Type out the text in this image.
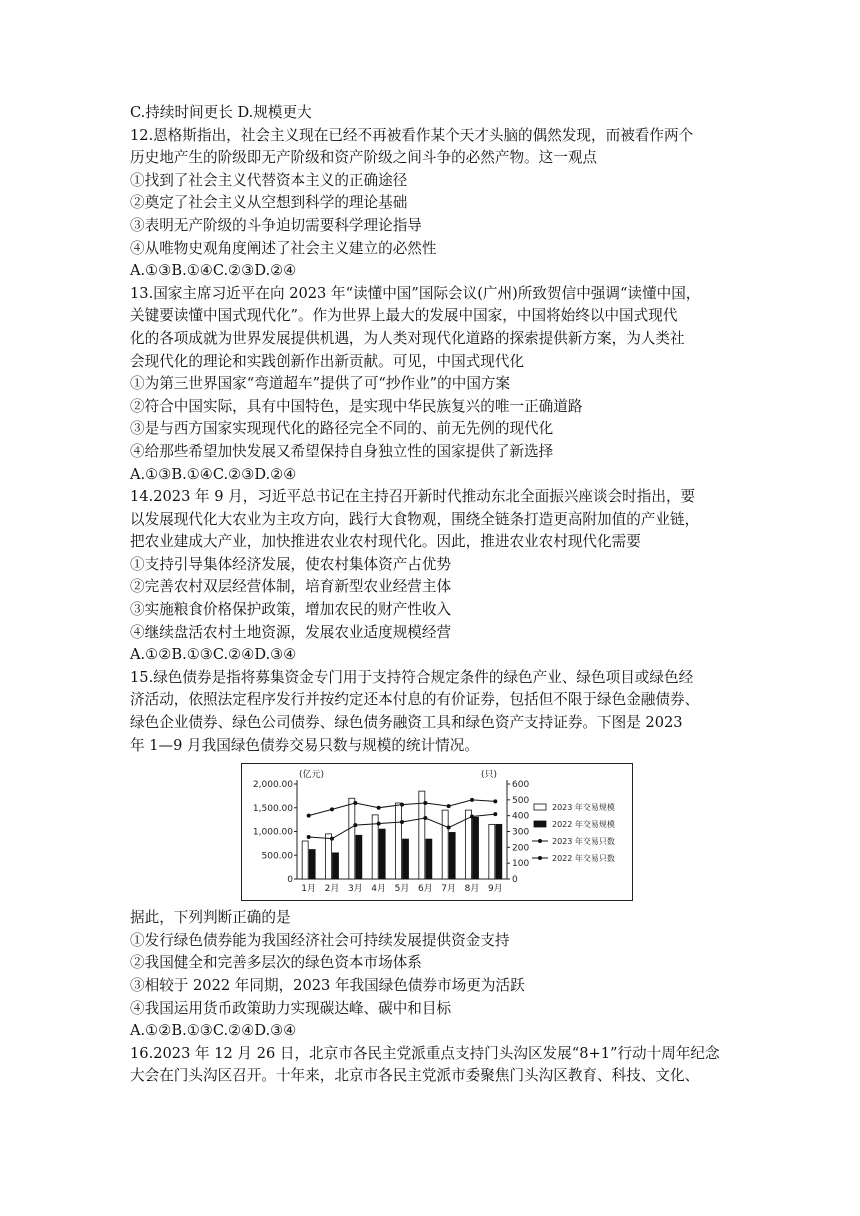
C.持续时间更长 D.规模更大
12.恩格斯指出，社会主义现在已经不再被看作某个天才头脑的偶然发现，而被看作两个
历史地产生的阶级即无产阶级和资产阶级之间斗争的必然产物。这一观点
①找到了社会主义代替资本主义的正确途径
②奠定了社会主义从空想到科学的理论基础
③表明无产阶级的斗争迫切需要科学理论指导
④从唯物史观角度阐述了社会主义建立的必然性
A.①③B.①④C.②③D.②④
13.国家主席习近平在向 2023 年“读懂中国”国际会议(广州)所致贺信中强调“读懂中国，
关键要读懂中国式现代化”。作为世界上最大的发展中国家，中国将始终以中国式现代
化的各项成就为世界发展提供机遇，为人类对现代化道路的探索提供新方案，为人类社
会现代化的理论和实践创新作出新贡献。可见，中国式现代化
①为第三世界国家“弯道超车”提供了可“抄作业”的中国方案
②符合中国实际，具有中国特色，是实现中华民族复兴的唯一正确道路
③是与西方国家实现现代化的路径完全不同的、前无先例的现代化
④给那些希望加快发展又希望保持自身独立性的国家提供了新选择
A.①③B.①④C.②③D.②④
14.2023 年 9 月，习近平总书记在主持召开新时代推动东北全面振兴座谈会时指出，要
以发展现代化大农业为主攻方向，践行大食物观，围绕全链条打造更高附加值的产业链，
把农业建成大产业，加快推进农业农村现代化。因此，推进农业农村现代化需要
①支持引导集体经济发展，使农村集体资产占优势
②完善农村双层经营体制，培育新型农业经营主体
③实施粮食价格保护政策，增加农民的财产性收入
④继续盘活农村土地资源，发展农业适度规模经营
A.①②B.①③C.②④D.③④
15.绿色债券是指将募集资金专门用于支持符合规定条件的绿色产业、绿色项目或绿色经
济活动，依照法定程序发行并按约定还本付息的有价证券，包括但不限于绿色金融债券、
绿色企业债券、绿色公司债券、绿色债务融资工具和绿色资产支持证券。下图是 2023
年 1—9 月我国绿色债券交易只数与规模的统计情况。
2,000.00
1,500.00
1,000.00
500.00
0
600
500
400
300
200
100
0
(亿元)	(只)
1月 2月 3月 4月 5月 6月 7月 8月 9月
2023 年交易规模
2022 年交易规模
2023 年交易只数
2022 年交易只数
据此，下列判断正确的是
①发行绿色债券能为我国经济社会可持续发展提供资金支持
②我国健全和完善多层次的绿色资本市场体系
③相较于 2022 年同期，2023 年我国绿色债券市场更为活跃
④我国运用货币政策助力实现碳达峰、碳中和目标
A.①②B.①③C.②④D.③④
16.2023 年 12 月 26 日，北京市各民主党派重点支持门头沟区发展“8+1”行动十周年纪念
大会在门头沟区召开。十年来，北京市各民主党派市委聚焦门头沟区教育、科技、文化、
